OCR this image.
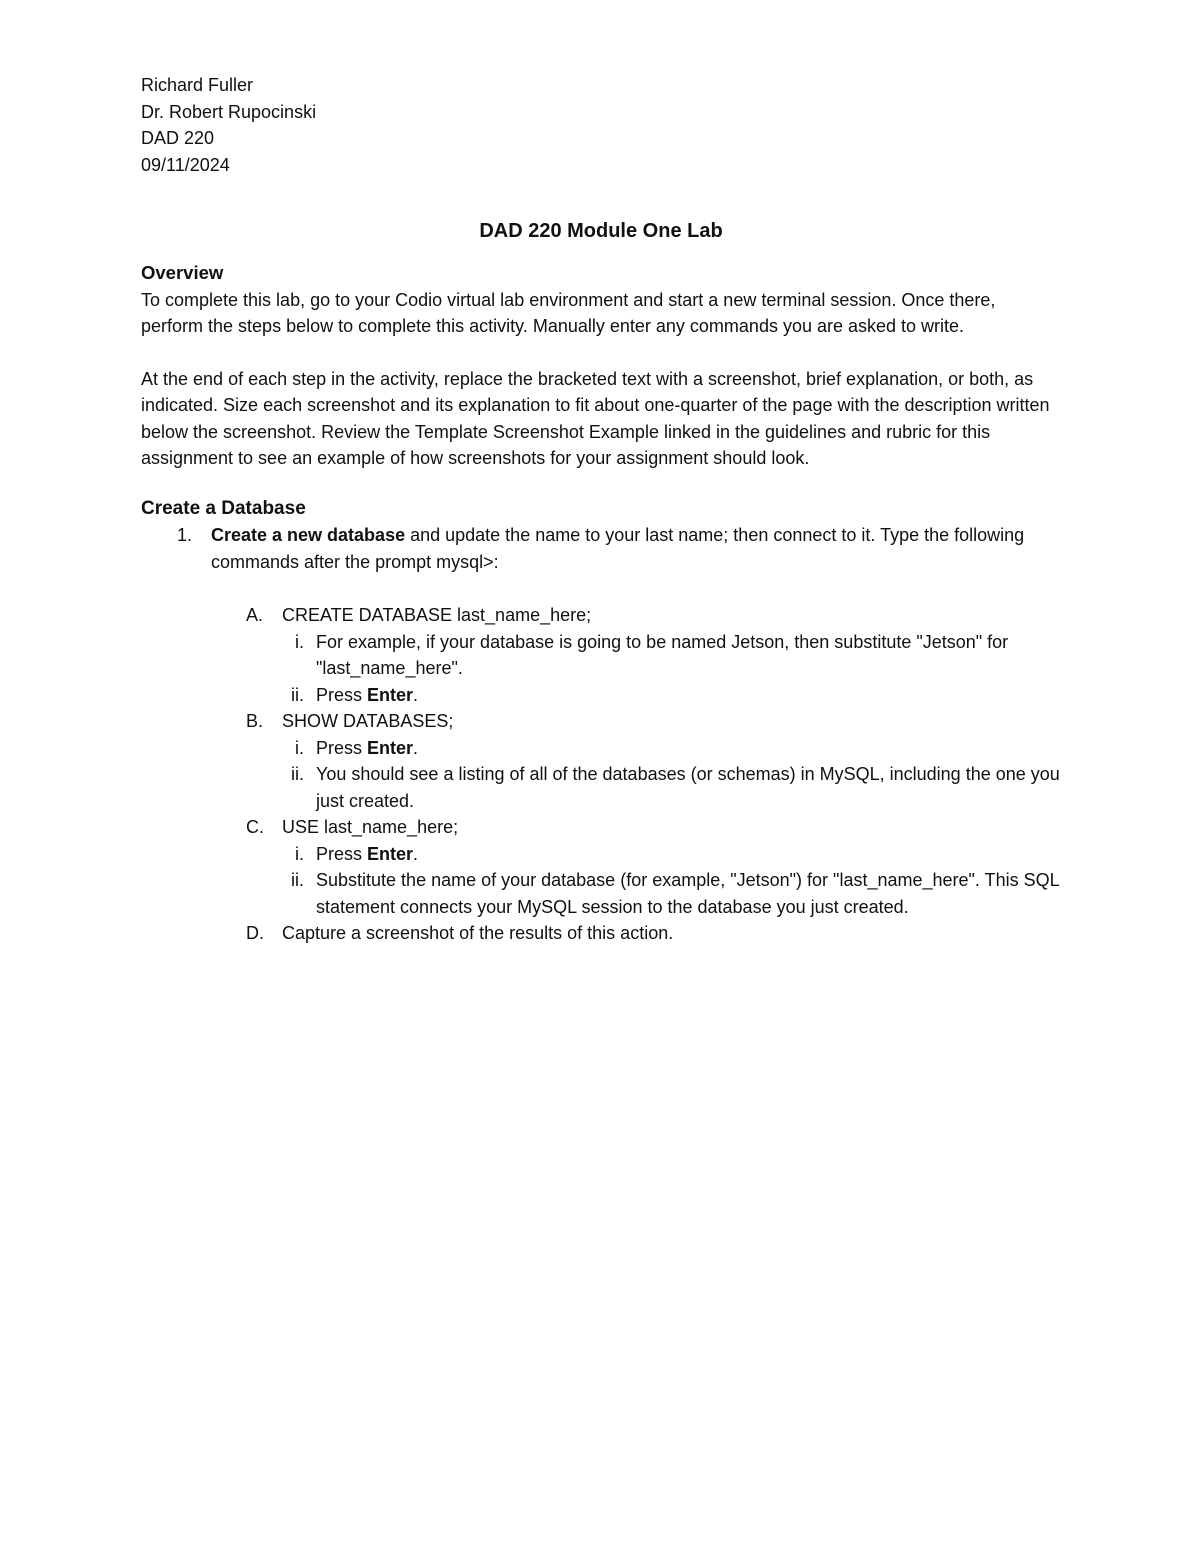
Richard Fuller
Dr. Robert Rupocinski
DAD 220
09/11/2024
DAD 220 Module One Lab
Overview

To complete this lab, go to your Codio virtual lab environment and start a new terminal session. Once there, perform the steps below to complete this activity. Manually enter any commands you are asked to write.

At the end of each step in the activity, replace the bracketed text with a screenshot, brief explanation, or both, as indicated. Size each screenshot and its explanation to fit about one-quarter of the page with the description written below the screenshot. Review the Template Screenshot Example linked in the guidelines and rubric for this assignment to see an example of how screenshots for your assignment should look.

Create a Database
1.	Create a new database and update the name to your last name; then connect to it. Type the following commands after the prompt mysql>:
A.	CREATE DATABASE last_name_here;
i. For example, if your database is going to be named Jetson, then substitute "Jetson" for "last_name_here".
ii. Press Enter.
B.	SHOW DATABASES;
i. Press Enter.
ii. You should see a listing of all of the databases (or schemas) in MySQL, including the one you just created.
C.	USE last_name_here;
i. Press Enter.
ii. Substitute the name of your database (for example, "Jetson") for "last_name_here". This SQL statement connects your MySQL session to the database you just created.
D.	Capture a screenshot of the results of this action.
